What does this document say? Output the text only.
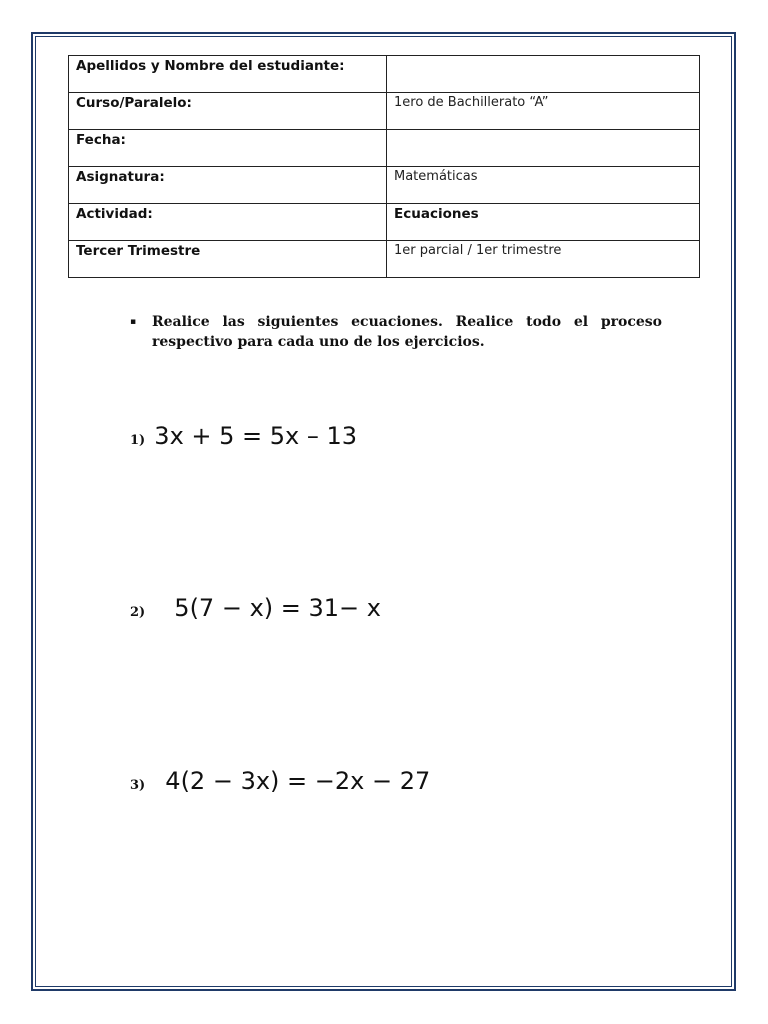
Apellidos y Nombre del estudiante:	
Curso/Paralelo:	1ero de Bachillerato “A”
Fecha:	
Asignatura:	Matemáticas
Actividad:	Ecuaciones
Tercer Trimestre	1er parcial / 1er trimestre
▪ Realice las siguientes ecuaciones. Realice todo el proceso respectivo para cada uno de los ejercicios.
1) 3x + 5 = 5x – 13
2) 5(7 − x) = 31− x
3) 4(2 − 3x) = −2x − 27
